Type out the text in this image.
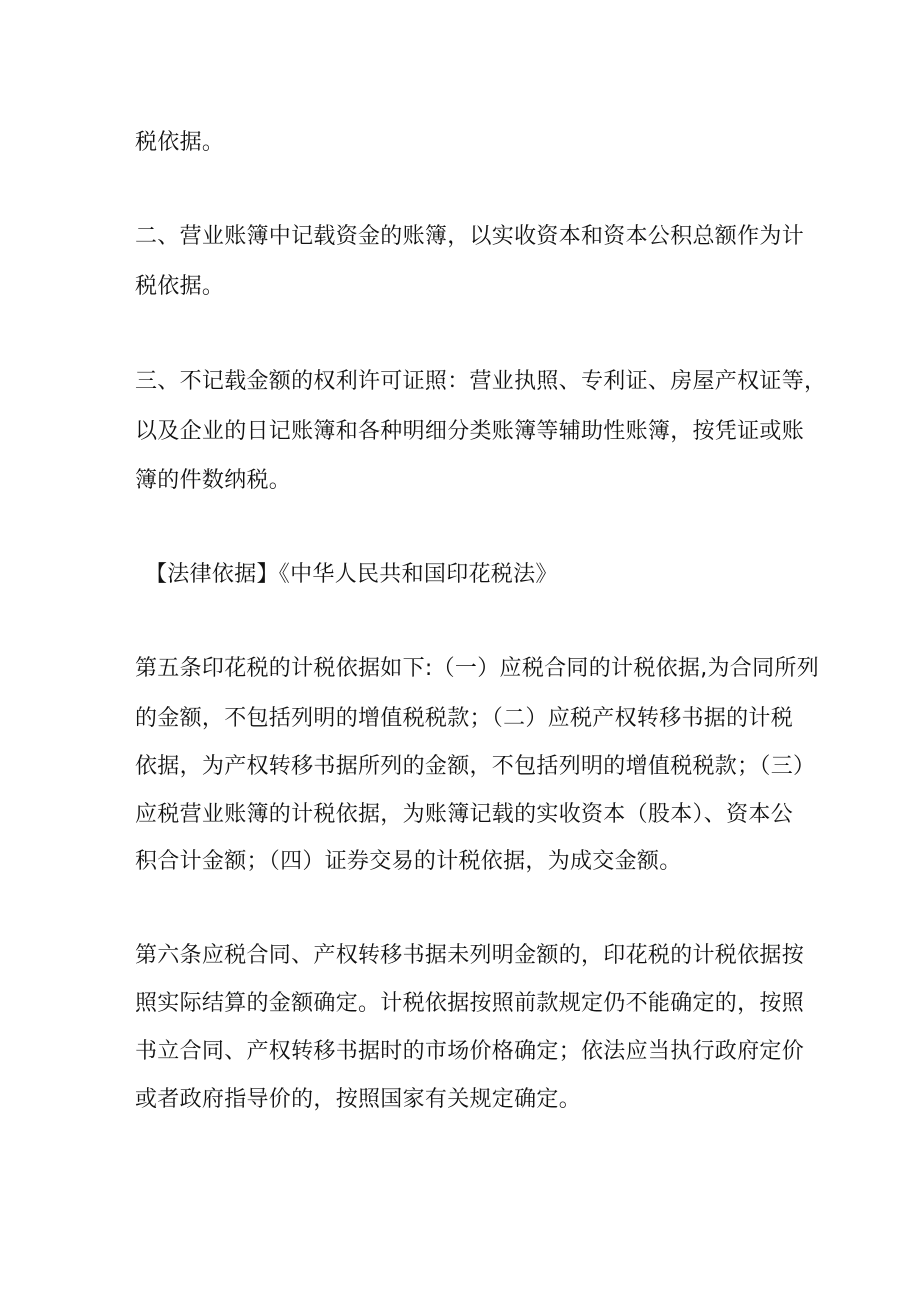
税依据。
二、营业账簿中记载资金的账簿，以实收资本和资本公积总额作为计
税依据。
三、不记载金额的权利许可证照：营业执照、专利证、房屋产权证等，
以及企业的日记账簿和各种明细分类账簿等辅助性账簿，按凭证或账
簿的件数纳税。
【法律依据】《中华人民共和国印花税法》
第五条印花税的计税依据如下:（一）应税合同的计税依据,为合同所列
的金额，不包括列明的增值税税款；（二）应税产权转移书据的计税
依据，为产权转移书据所列的金额，不包括列明的增值税税款；（三）
应税营业账簿的计税依据，为账簿记载的实收资本（股本）、资本公
积合计金额；（四）证券交易的计税依据，为成交金额。
第六条应税合同、产权转移书据未列明金额的，印花税的计税依据按
照实际结算的金额确定。计税依据按照前款规定仍不能确定的，按照
书立合同、产权转移书据时的市场价格确定；依法应当执行政府定价
或者政府指导价的，按照国家有关规定确定。
